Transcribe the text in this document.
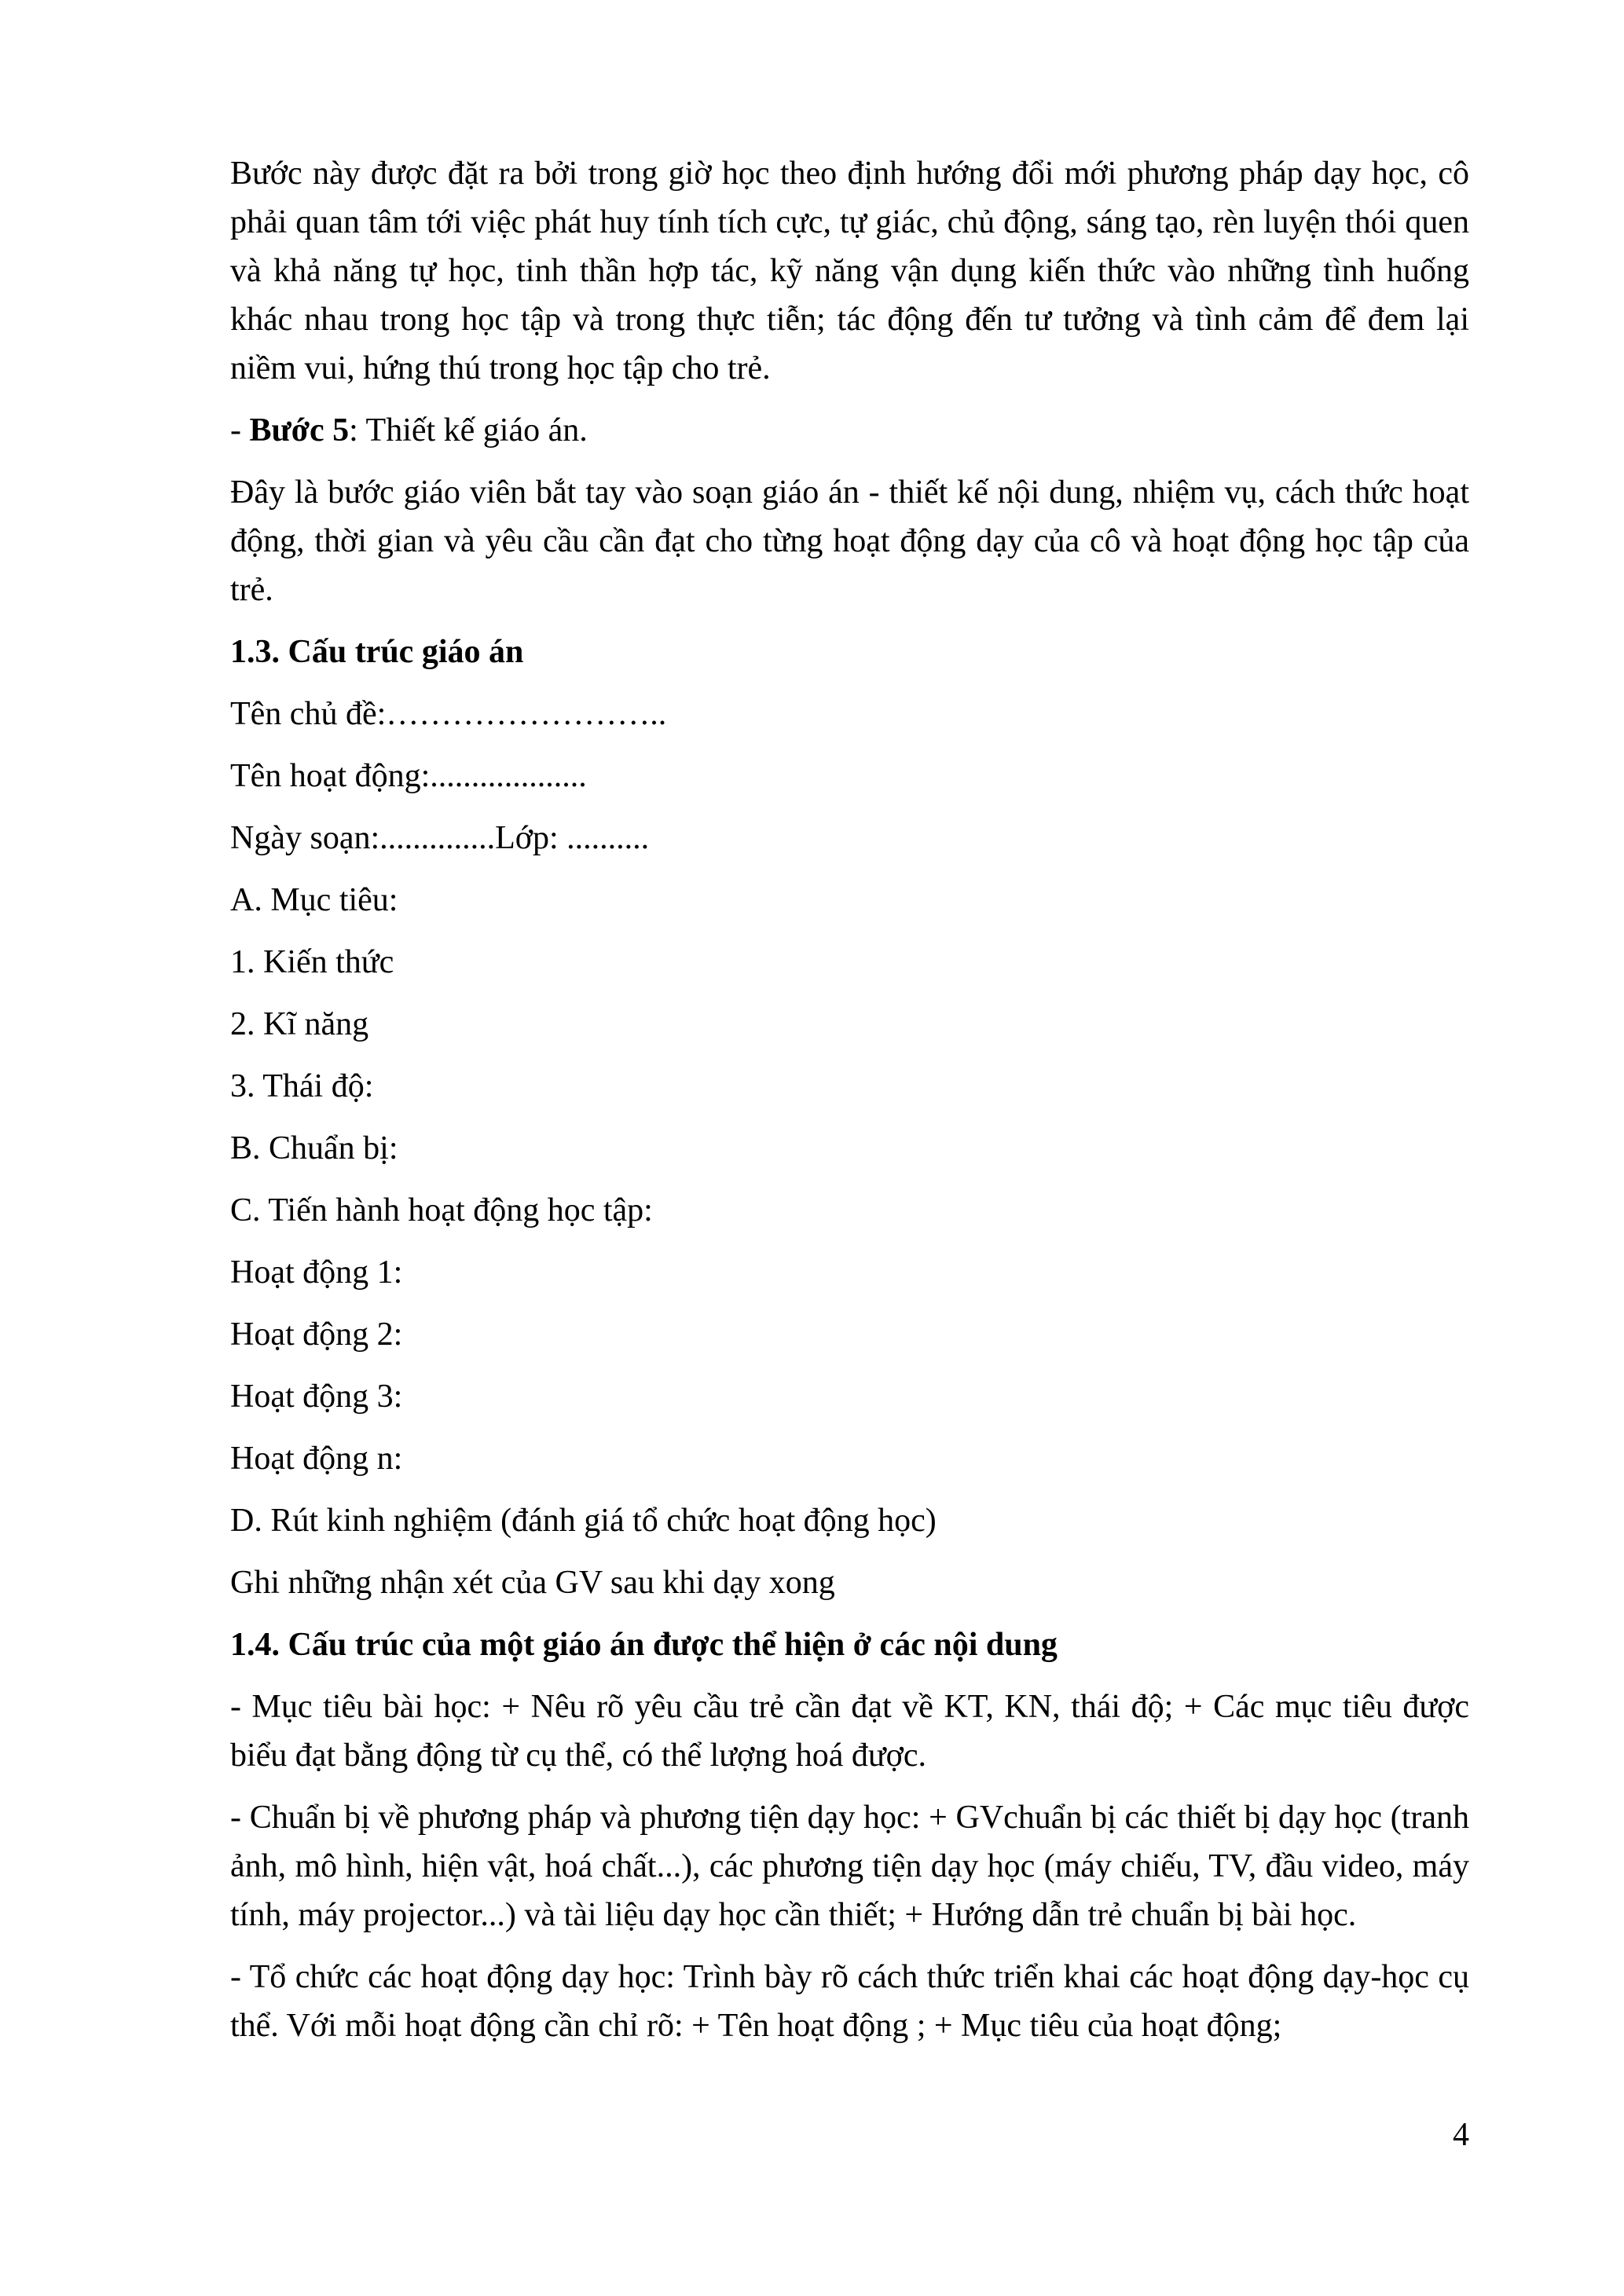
Bước này được đặt ra bởi trong giờ học theo định hướng đổi mới phương pháp dạy học, cô phải quan tâm tới việc phát huy tính tích cực, tự giác, chủ động, sáng tạo, rèn luyện thói quen và khả năng tự học, tinh thần hợp tác, kỹ năng vận dụng kiến thức vào những tình huống khác nhau trong học tập và trong thực tiễn; tác động đến tư tưởng và tình cảm để đem lại niềm vui, hứng thú trong học tập cho trẻ.

- Bước 5: Thiết kế giáo án.

Đây là bước giáo viên bắt tay vào soạn giáo án - thiết kế nội dung, nhiệm vụ, cách thức hoạt động, thời gian và yêu cầu cần đạt cho từng hoạt động dạy của cô và hoạt động học tập của trẻ.

1.3. Cấu trúc giáo án

Tên chủ đề:……………………..

Tên hoạt động:...................

Ngày soạn:..............Lớp: ..........

A. Mục tiêu:

1. Kiến thức

2. Kĩ năng

3. Thái độ:

B. Chuẩn bị:

C. Tiến hành hoạt động học tập:

Hoạt động 1:

Hoạt động 2:

Hoạt động 3:

Hoạt động n:

D. Rút kinh nghiệm (đánh giá tổ chức hoạt động học)

Ghi những nhận xét của GV sau khi dạy xong

1.4. Cấu trúc của một giáo án được thể hiện ở các nội dung

- Mục tiêu bài học: + Nêu rõ yêu cầu trẻ cần đạt về KT, KN, thái độ; + Các mục tiêu được biểu đạt bằng động từ cụ thể, có thể lượng hoá được.

- Chuẩn bị về phương pháp và phương tiện dạy học: + GVchuẩn bị các thiết bị dạy học (tranh ảnh, mô hình, hiện vật, hoá chất...), các phương tiện dạy học (máy chiếu, TV, đầu video, máy tính, máy projector...) và tài liệu dạy học cần thiết; + Hướng dẫn trẻ chuẩn bị bài học.

- Tổ chức các hoạt động dạy học: Trình bày rõ cách thức triển khai các hoạt động dạy-học cụ thể. Với mỗi hoạt động cần chỉ rõ: + Tên hoạt động ; + Mục tiêu của hoạt động;

4
